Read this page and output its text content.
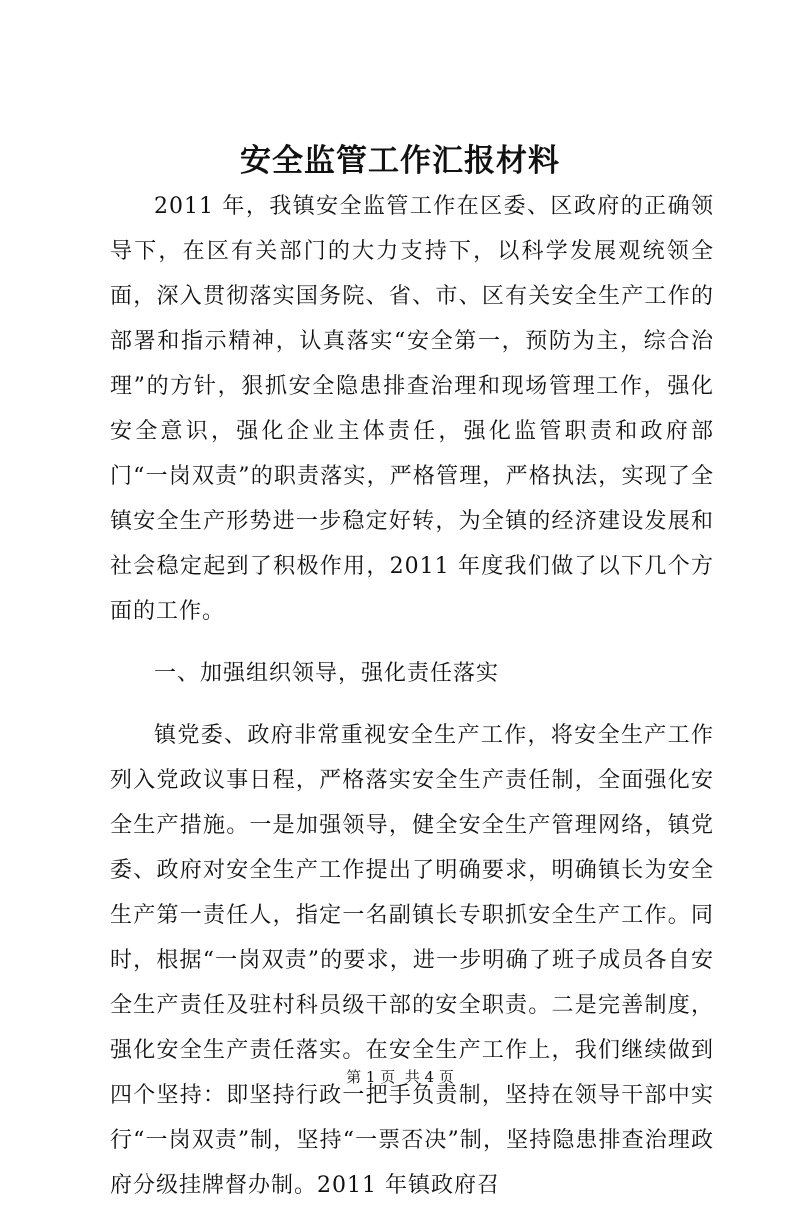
安全监管工作汇报材料

2011 年，我镇安全监管工作在区委、区政府的正确领导下，在区有关部门的大力支持下，以科学发展观统领全面，深入贯彻落实国务院、省、市、区有关安全生产工作的部署和指示精神，认真落实“安全第一，预防为主，综合治理”的方针，狠抓安全隐患排查治理和现场管理工作，强化安全意识，强化企业主体责任，强化监管职责和政府部门“一岗双责”的职责落实，严格管理，严格执法，实现了全镇安全生产形势进一步稳定好转，为全镇的经济建设发展和社会稳定起到了积极作用，2011 年度我们做了以下几个方面的工作。

一、加强组织领导，强化责任落实

镇党委、政府非常重视安全生产工作，将安全生产工作列入党政议事日程，严格落实安全生产责任制，全面强化安全生产措施。一是加强领导，健全安全生产管理网络，镇党委、政府对安全生产工作提出了明确要求，明确镇长为安全生产第一责任人，指定一名副镇长专职抓安全生产工作。同时，根据“一岗双责”的要求，进一步明确了班子成员各自安全生产责任及驻村科员级干部的安全职责。二是完善制度，强化安全生产责任落实。在安全生产工作上，我们继续做到四个坚持：即坚持行政一把手负责制，坚持在领导干部中实行“一岗双责”制，坚持“一票否决”制，坚持隐患排查治理政府分级挂牌督办制。2011 年镇政府召

第 1 页  共 4 页
